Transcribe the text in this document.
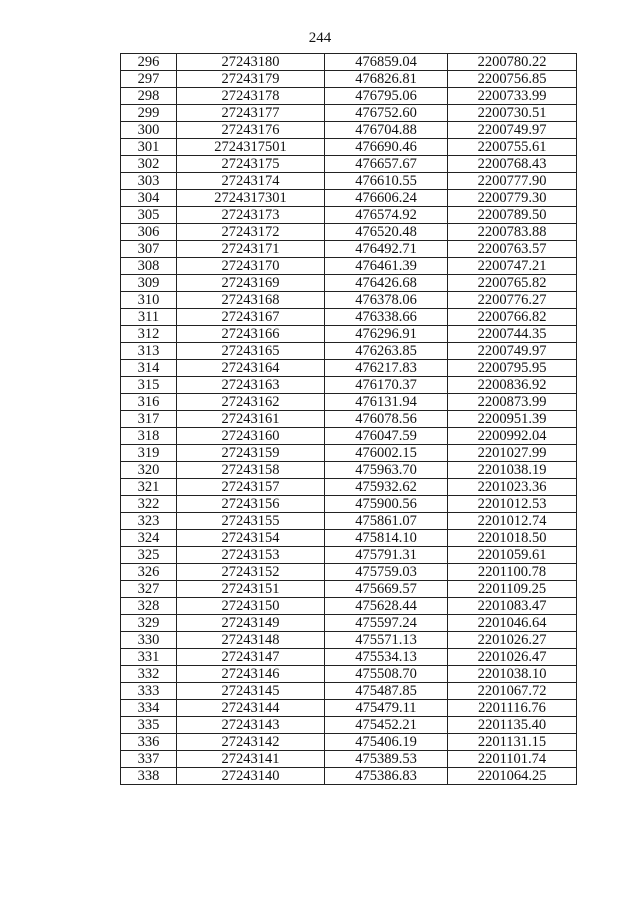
244
296	27243180	476859.04	2200780.22
297	27243179	476826.81	2200756.85
298	27243178	476795.06	2200733.99
299	27243177	476752.60	2200730.51
300	27243176	476704.88	2200749.97
301	2724317501	476690.46	2200755.61
302	27243175	476657.67	2200768.43
303	27243174	476610.55	2200777.90
304	2724317301	476606.24	2200779.30
305	27243173	476574.92	2200789.50
306	27243172	476520.48	2200783.88
307	27243171	476492.71	2200763.57
308	27243170	476461.39	2200747.21
309	27243169	476426.68	2200765.82
310	27243168	476378.06	2200776.27
311	27243167	476338.66	2200766.82
312	27243166	476296.91	2200744.35
313	27243165	476263.85	2200749.97
314	27243164	476217.83	2200795.95
315	27243163	476170.37	2200836.92
316	27243162	476131.94	2200873.99
317	27243161	476078.56	2200951.39
318	27243160	476047.59	2200992.04
319	27243159	476002.15	2201027.99
320	27243158	475963.70	2201038.19
321	27243157	475932.62	2201023.36
322	27243156	475900.56	2201012.53
323	27243155	475861.07	2201012.74
324	27243154	475814.10	2201018.50
325	27243153	475791.31	2201059.61
326	27243152	475759.03	2201100.78
327	27243151	475669.57	2201109.25
328	27243150	475628.44	2201083.47
329	27243149	475597.24	2201046.64
330	27243148	475571.13	2201026.27
331	27243147	475534.13	2201026.47
332	27243146	475508.70	2201038.10
333	27243145	475487.85	2201067.72
334	27243144	475479.11	2201116.76
335	27243143	475452.21	2201135.40
336	27243142	475406.19	2201131.15
337	27243141	475389.53	2201101.74
338	27243140	475386.83	2201064.25
